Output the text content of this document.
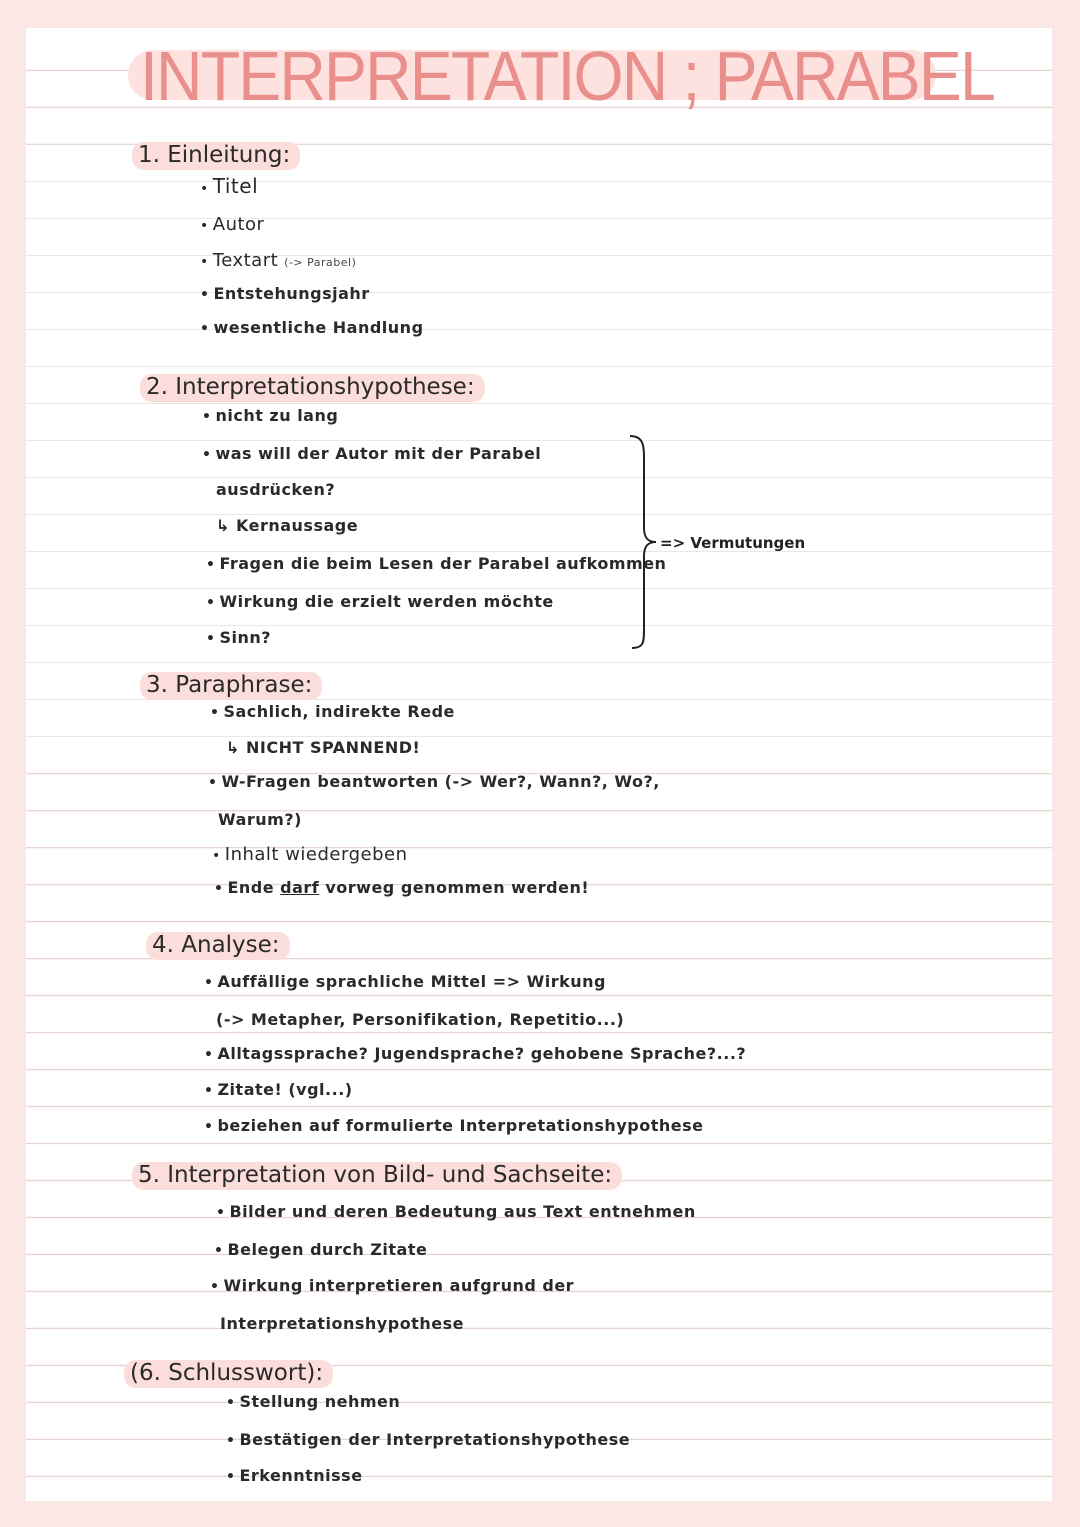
INTERPRETATION ; PARABEL
1. Einleitung:
• Titel
• Autor
• Textart (-> Parabel)
• Entstehungsjahr
• wesentliche Handlung
2. Interpretationshypothese:
• nicht zu lang
• was will der Autor mit der Parabel
ausdrücken?
↳ Kernaussage
• Fragen die beim Lesen der Parabel aufkommen
• Wirkung die erzielt werden möchte
• Sinn?
=> Vermutungen
3. Paraphrase:
• Sachlich, indirekte Rede
↳ NICHT SPANNEND!
• W-Fragen beantworten (-> Wer?, Wann?, Wo?,
Warum?)
• Inhalt wiedergeben
• Ende darf vorweg genommen werden!
4. Analyse:
• Auffällige sprachliche Mittel => Wirkung
(-> Metapher, Personifikation, Repetitio...)
• Alltagssprache? Jugendsprache? gehobene Sprache?...?
• Zitate! (vgl...)
• beziehen auf formulierte Interpretationshypothese
5. Interpretation von Bild- und Sachseite:
• Bilder und deren Bedeutung aus Text entnehmen
• Belegen durch Zitate
• Wirkung interpretieren aufgrund der
Interpretationshypothese
(6. Schlusswort):
• Stellung nehmen
• Bestätigen der Interpretationshypothese
• Erkenntnisse
